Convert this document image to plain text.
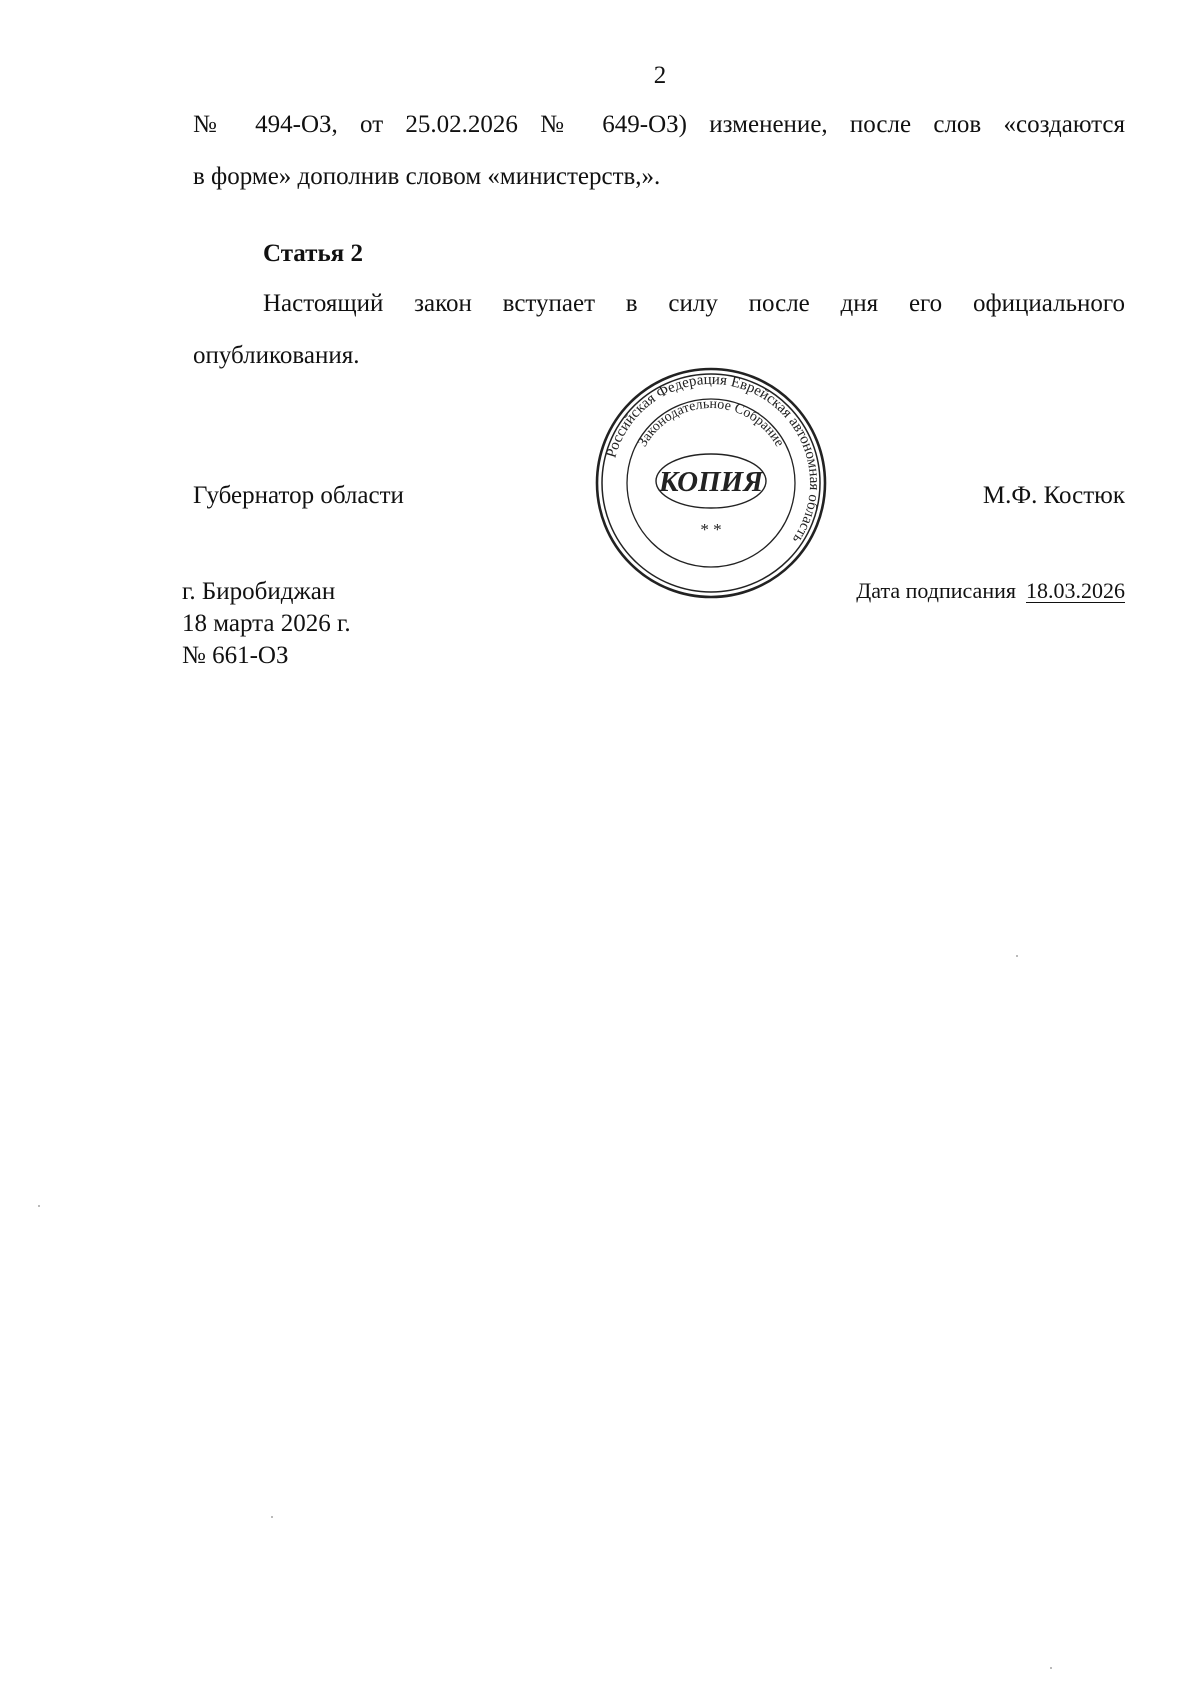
2
№ 494-ОЗ, от 25.02.2026 № 649-ОЗ) изменение, после слов «создаются
в форме» дополнив словом «министерств,».
Статья 2
Настоящий закон вступает в силу после дня его официального
опубликования.
Губернатор области	М.Ф. Костюк
Российская Федерация Еврейская автономная область
Законодательное Собрание
КОПИЯ
* *
г. Биробиджан
18 марта 2026 г.
№ 661-ОЗ
Дата подписания 18.03.2026
